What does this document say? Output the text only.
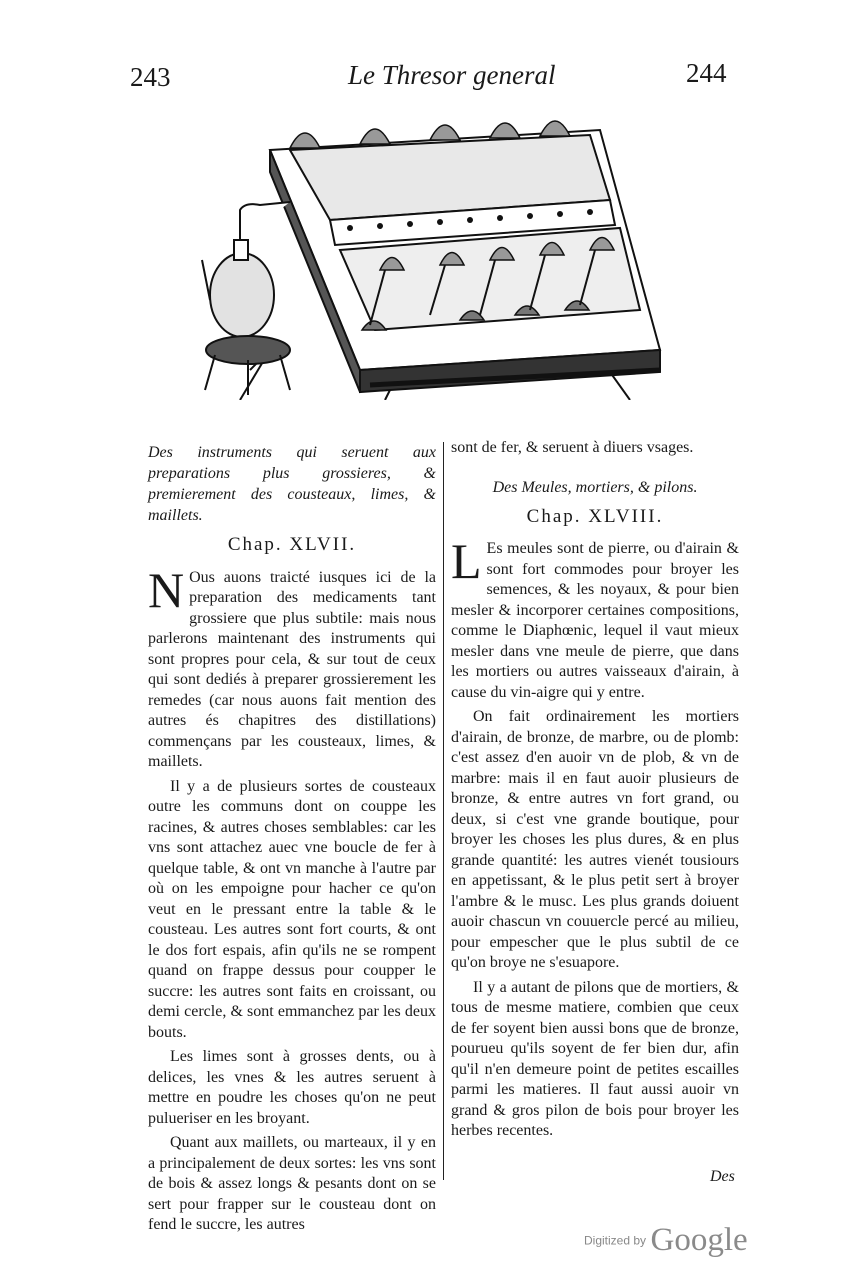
243	Le Thresor general	244
Des instruments qui seruent aux preparations plus grossieres, & premierement des cousteaux, limes, & maillets.
Chap. XLVII.

N Ous auons traicté iusques ici de la preparation des medicaments tant grossiere que plus subtile: mais nous parlerons maintenant des instruments qui sont propres pour cela, & sur tout de ceux qui sont dediés à preparer grossierement les remedes (car nous auons fait mention des autres és chapitres des distillations) commençans par les cousteaux, limes, & maillets.

Il y a de plusieurs sortes de cousteaux outre les communs dont on couppe les racines, & autres choses semblables: car les vns sont attachez auec vne boucle de fer à quelque table, & ont vn manche à l'autre par où on les empoigne pour hacher ce qu'on veut en le pressant entre la table & le cousteau. Les autres sont fort courts, & ont le dos fort espais, afin qu'ils ne se rompent quand on frappe dessus pour coupper le succre: les autres sont faits en croissant, ou demi cercle, & sont emmanchez par les deux bouts.

Les limes sont à grosses dents, ou à delices, les vnes & les autres seruent à mettre en poudre les choses qu'on ne peut pulueriser en les broyant.

Quant aux maillets, ou marteaux, il y en a principalement de deux sortes: les vns sont de bois & assez longs & pesants dont on se sert pour frapper sur le cousteau dont on fend le succre, les autres

sont de fer, & seruent à diuers vsages.

Des Meules, mortiers, & pilons.
Chap. XLVIII.

L Es meules sont de pierre, ou d'airain & sont fort commodes pour broyer les semences, & les noyaux, & pour bien mesler & incorporer certaines compositions, comme le Diaphœnic, lequel il vaut mieux mesler dans vne meule de pierre, que dans les mortiers ou autres vaisseaux d'airain, à cause du vin-aigre qui y entre.

On fait ordinairement les mortiers d'airain, de bronze, de marbre, ou de plomb: c'est assez d'en auoir vn de plob, & vn de marbre: mais il en faut auoir plusieurs de bronze, & entre autres vn fort grand, ou deux, si c'est vne grande boutique, pour broyer les choses les plus dures, & en plus grande quantité: les autres vienét tousiours en appetissant, & le plus petit sert à broyer l'ambre & le musc. Les plus grands doiuent auoir chascun vn couuercle percé au milieu, pour empescher que le plus subtil de ce qu'on broye ne s'esuapore.

Il y a autant de pilons que de mortiers, & tous de mesme matiere, combien que ceux de fer soyent bien aussi bons que de bronze, pourueu qu'ils soyent de fer bien dur, afin qu'il n'en demeure point de petites escailles parmi les matieres. Il faut aussi auoir vn grand & gros pilon de bois pour broyer les herbes recentes.

Des
Digitized by Google
